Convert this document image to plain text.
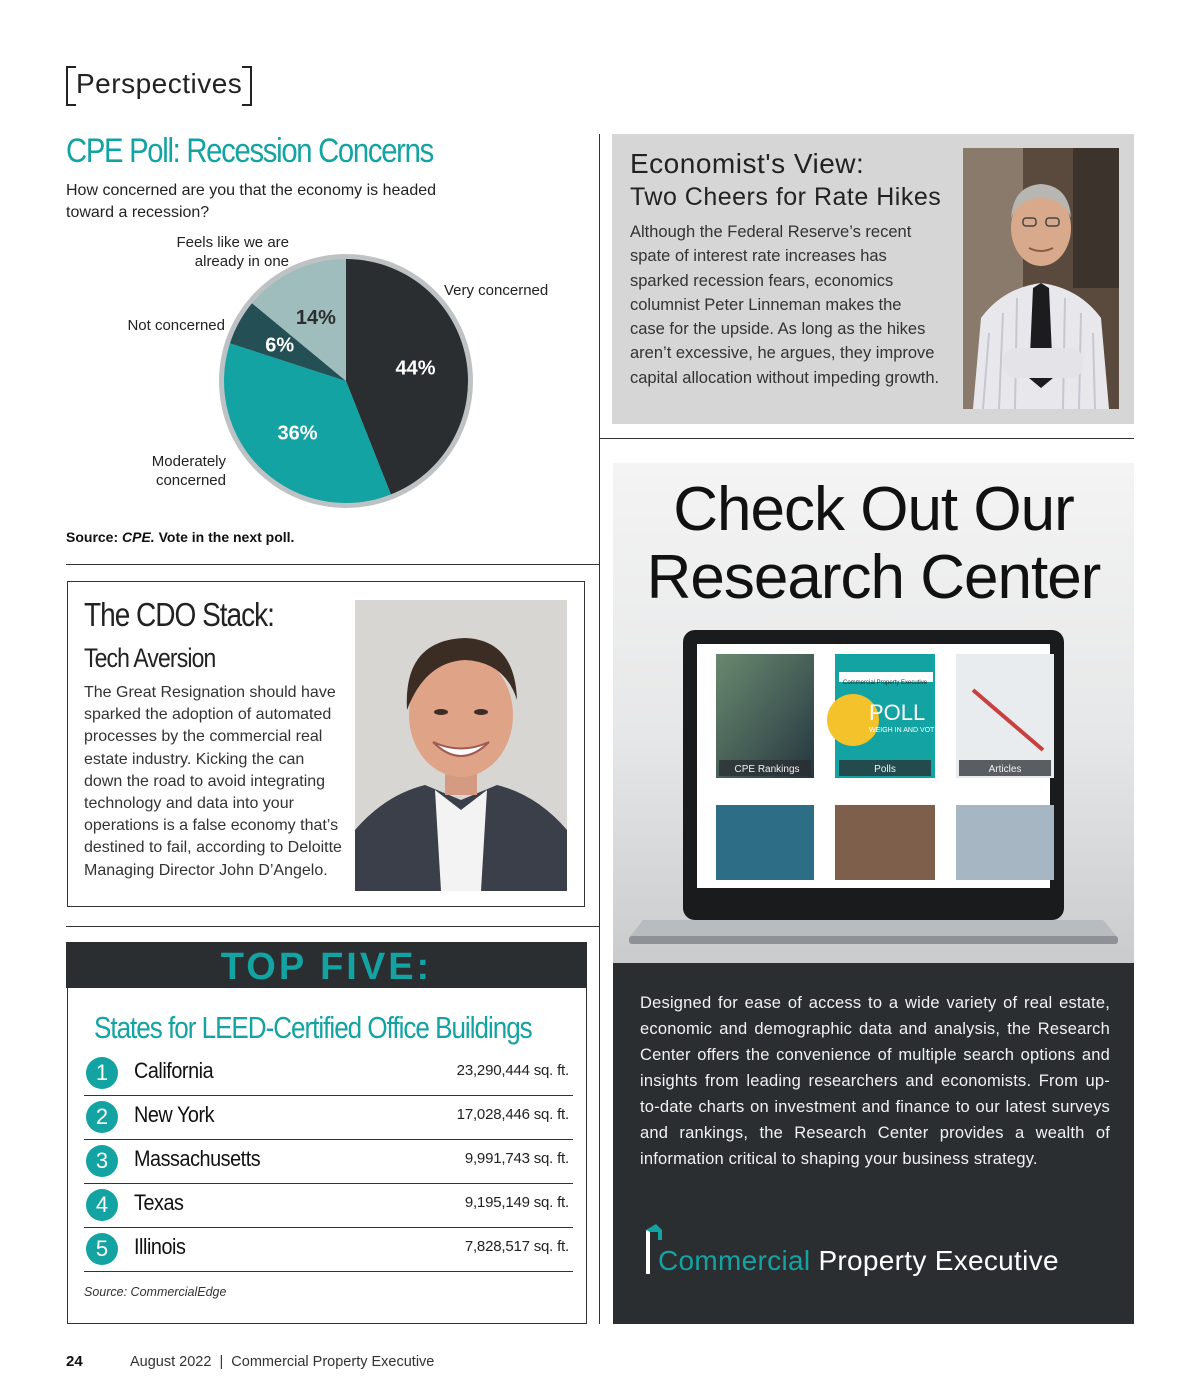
Perspectives
CPE Poll: Recession Concerns
How concerned are you that the economy is headed toward a recession?
44%
36%
6%
14%
Very concerned
Moderately
concerned
Not concerned
Feels like we are
already in one
Source: CPE. Vote in the next poll.
Economist's View:
Two Cheers for Rate Hikes
Although the Federal Reserve’s recent spate of interest rate increases has sparked recession fears, economics columnist Peter Linneman makes the case for the upside. As long as the hikes aren’t excessive, he argues, they improve capital allocation without impeding growth.
The CDO Stack:
Tech Aversion
The Great Resignation should have sparked the adoption of automated processes by the commercial real estate industry. Kicking the can down the road to avoid integrating technology and data into your operations is a false economy that’s destined to fail, according to Deloitte Managing Director John D’Angelo.
TOP FIVE:
States for LEED-Certified Office Buildings
1	California	23,290,444 sq. ft.
2	New York	17,028,446 sq. ft.
3	Massachusetts	9,991,743 sq. ft.
4	Texas	9,195,149 sq. ft.
5	Illinois	7,828,517 sq. ft.
Source: CommercialEdge
Check Out Our
Research Center
CPE Rankings	Polls	Articles
Commercial Property Executive
POLL
WEIGH IN AND VOTE
Designed for ease of access to a wide variety of real estate, economic and demographic data and analysis, the Research Center offers the convenience of multiple search options and insights from leading researchers and economists. From up-to-date charts on investment and finance to our latest surveys and rankings, the Research Center provides a wealth of information critical to shaping your business strategy.
Commercial Property Executive
24	August 2022  |  Commercial Property Executive
